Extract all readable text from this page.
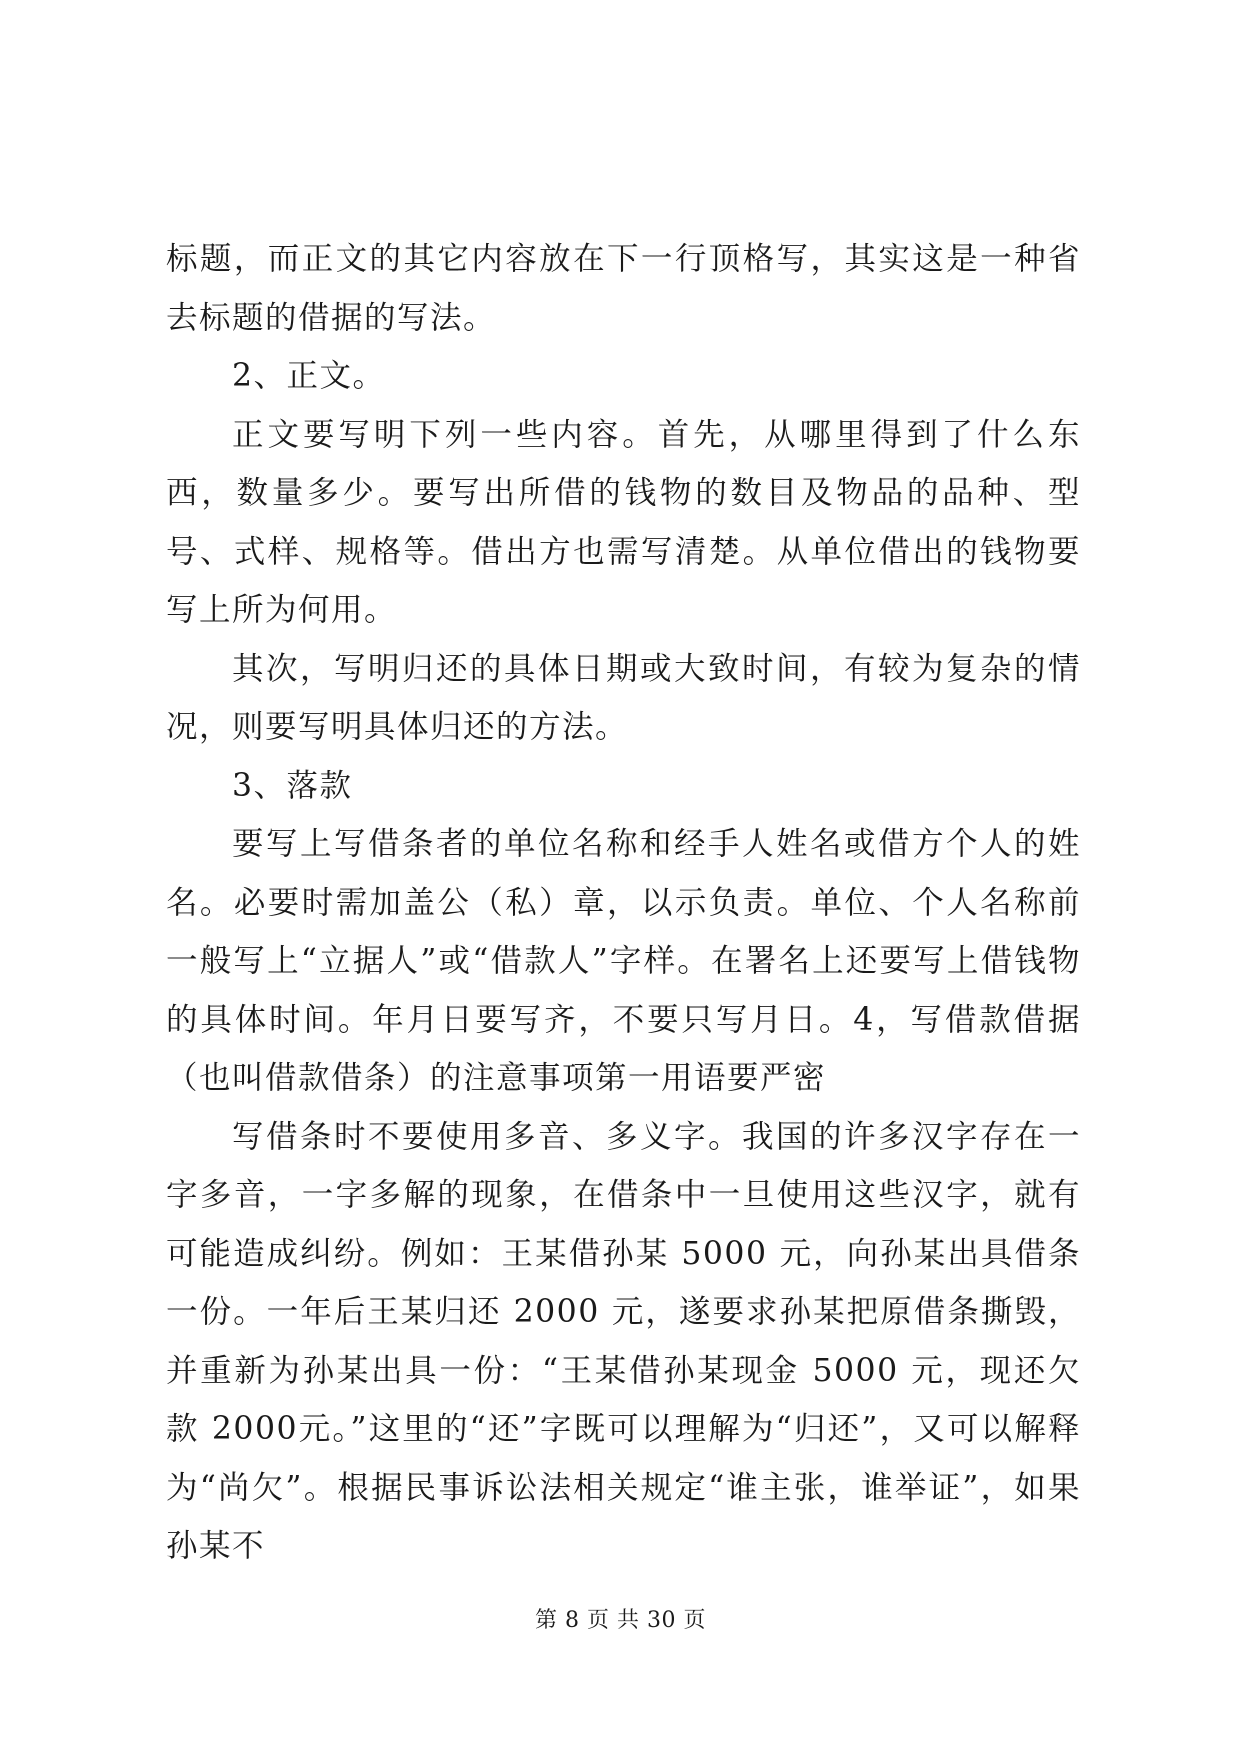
标题，而正文的其它内容放在下一行顶格写，其实这是一种省去标题的借据的写法。

2、正文。

正文要写明下列一些内容。首先，从哪里得到了什么东西，数量多少。要写出所借的钱物的数目及物品的品种、型号、式样、规格等。借出方也需写清楚。从单位借出的钱物要写上所为何用。

其次，写明归还的具体日期或大致时间，有较为复杂的情况，则要写明具体归还的方法。

3、落款

要写上写借条者的单位名称和经手人姓名或借方个人的姓名。必要时需加盖公（私）章，以示负责。单位、个人名称前一般写上“立据人”或“借款人”字样。在署名上还要写上借钱物的具体时间。年月日要写齐，不要只写月日。4，写借款借据（也叫借款借条）的注意事项第一用语要严密

写借条时不要使用多音、多义字。我国的许多汉字存在一字多音，一字多解的现象，在借条中一旦使用这些汉字，就有可能造成纠纷。例如：王某借孙某 5000 元，向孙某出具借条一份。一年后王某归还 2000 元，遂要求孙某把原借条撕毁，并重新为孙某出具一份：“王某借孙某现金 5000 元，现还欠款 2000元。”这里的“还”字既可以理解为“归还”，又可以解释为“尚欠”。根据民事诉讼法相关规定“谁主张，谁举证”，如果孙某不

第 8 页 共 30 页
